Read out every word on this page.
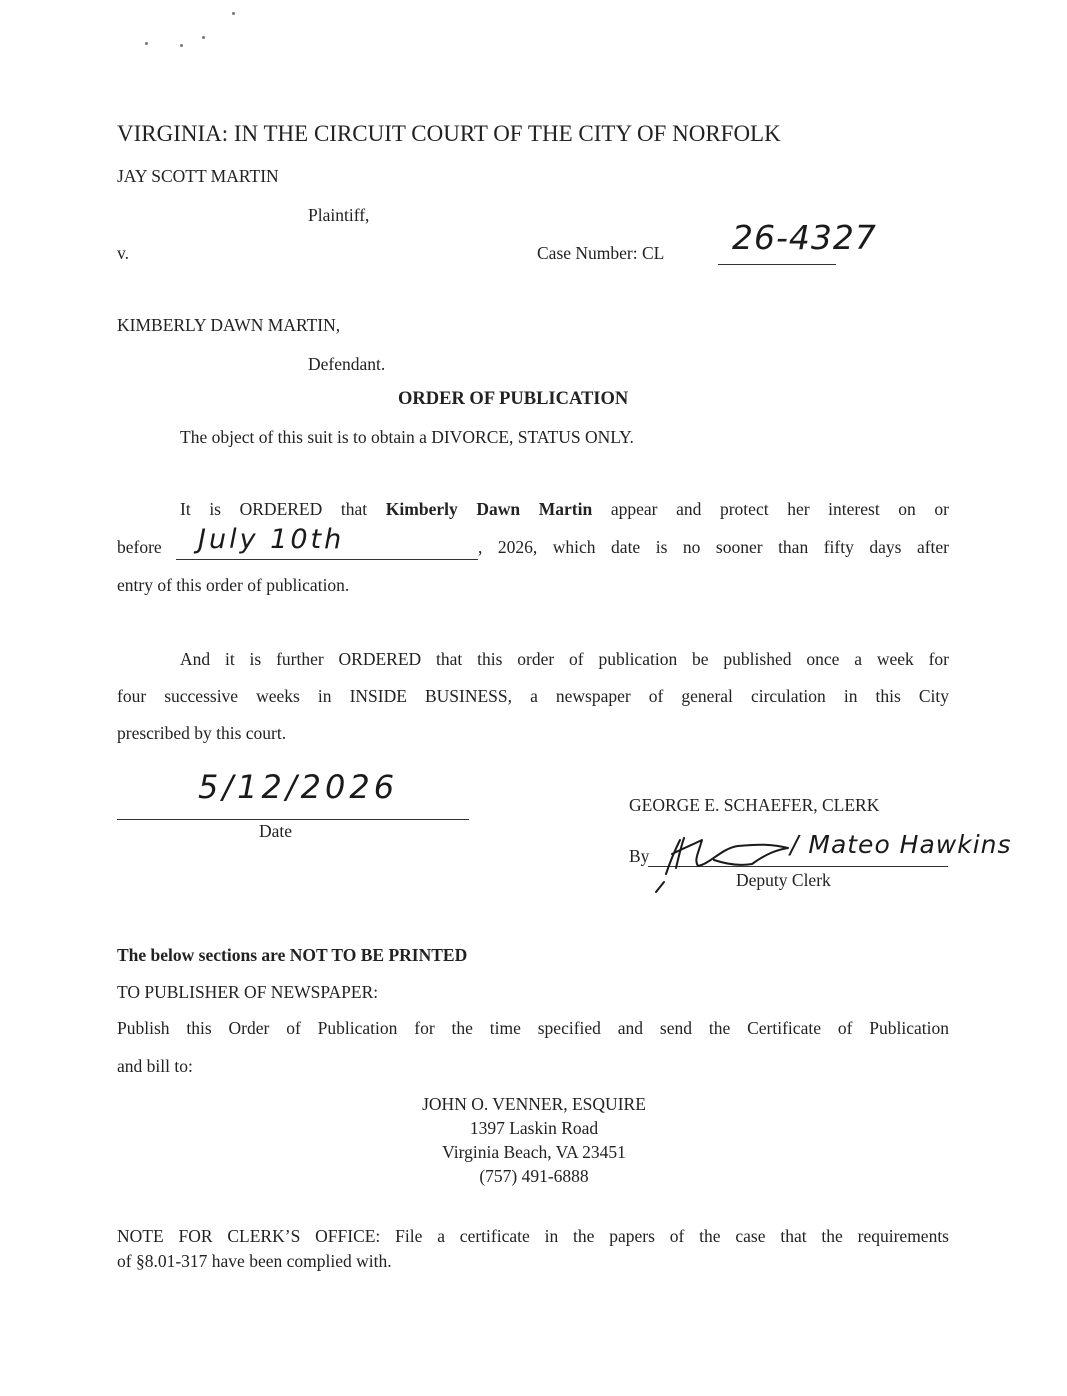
VIRGINIA: IN THE CIRCUIT COURT OF THE CITY OF NORFOLK
JAY SCOTT MARTIN
Plaintiff,
v.	Case Number: CL 26-4327
KIMBERLY DAWN MARTIN,
Defendant.
ORDER OF PUBLICATION
The object of this suit is to obtain a DIVORCE, STATUS ONLY.
It is ORDERED that Kimberly Dawn Martin appear and protect her interest on or
before July 10th	, 2026, which date is no sooner than fifty days after
entry of this order of publication.
And it is further ORDERED that this order of publication be published once a week for
four successive weeks in INSIDE BUSINESS, a newspaper of general circulation in this City
prescribed by this court.
5/12/2026
Date
GEORGE E. SCHAEFER, CLERK
By	/ Mateo Hawkins
Deputy Clerk
The below sections are NOT TO BE PRINTED
TO PUBLISHER OF NEWSPAPER:
Publish this Order of Publication for the time specified and send the Certificate of Publication
and bill to:
JOHN O. VENNER, ESQUIRE
1397 Laskin Road
Virginia Beach, VA 23451
(757) 491-6888
NOTE FOR CLERK’S OFFICE: File a certificate in the papers of the case that the requirements
of §8.01-317 have been complied with.
